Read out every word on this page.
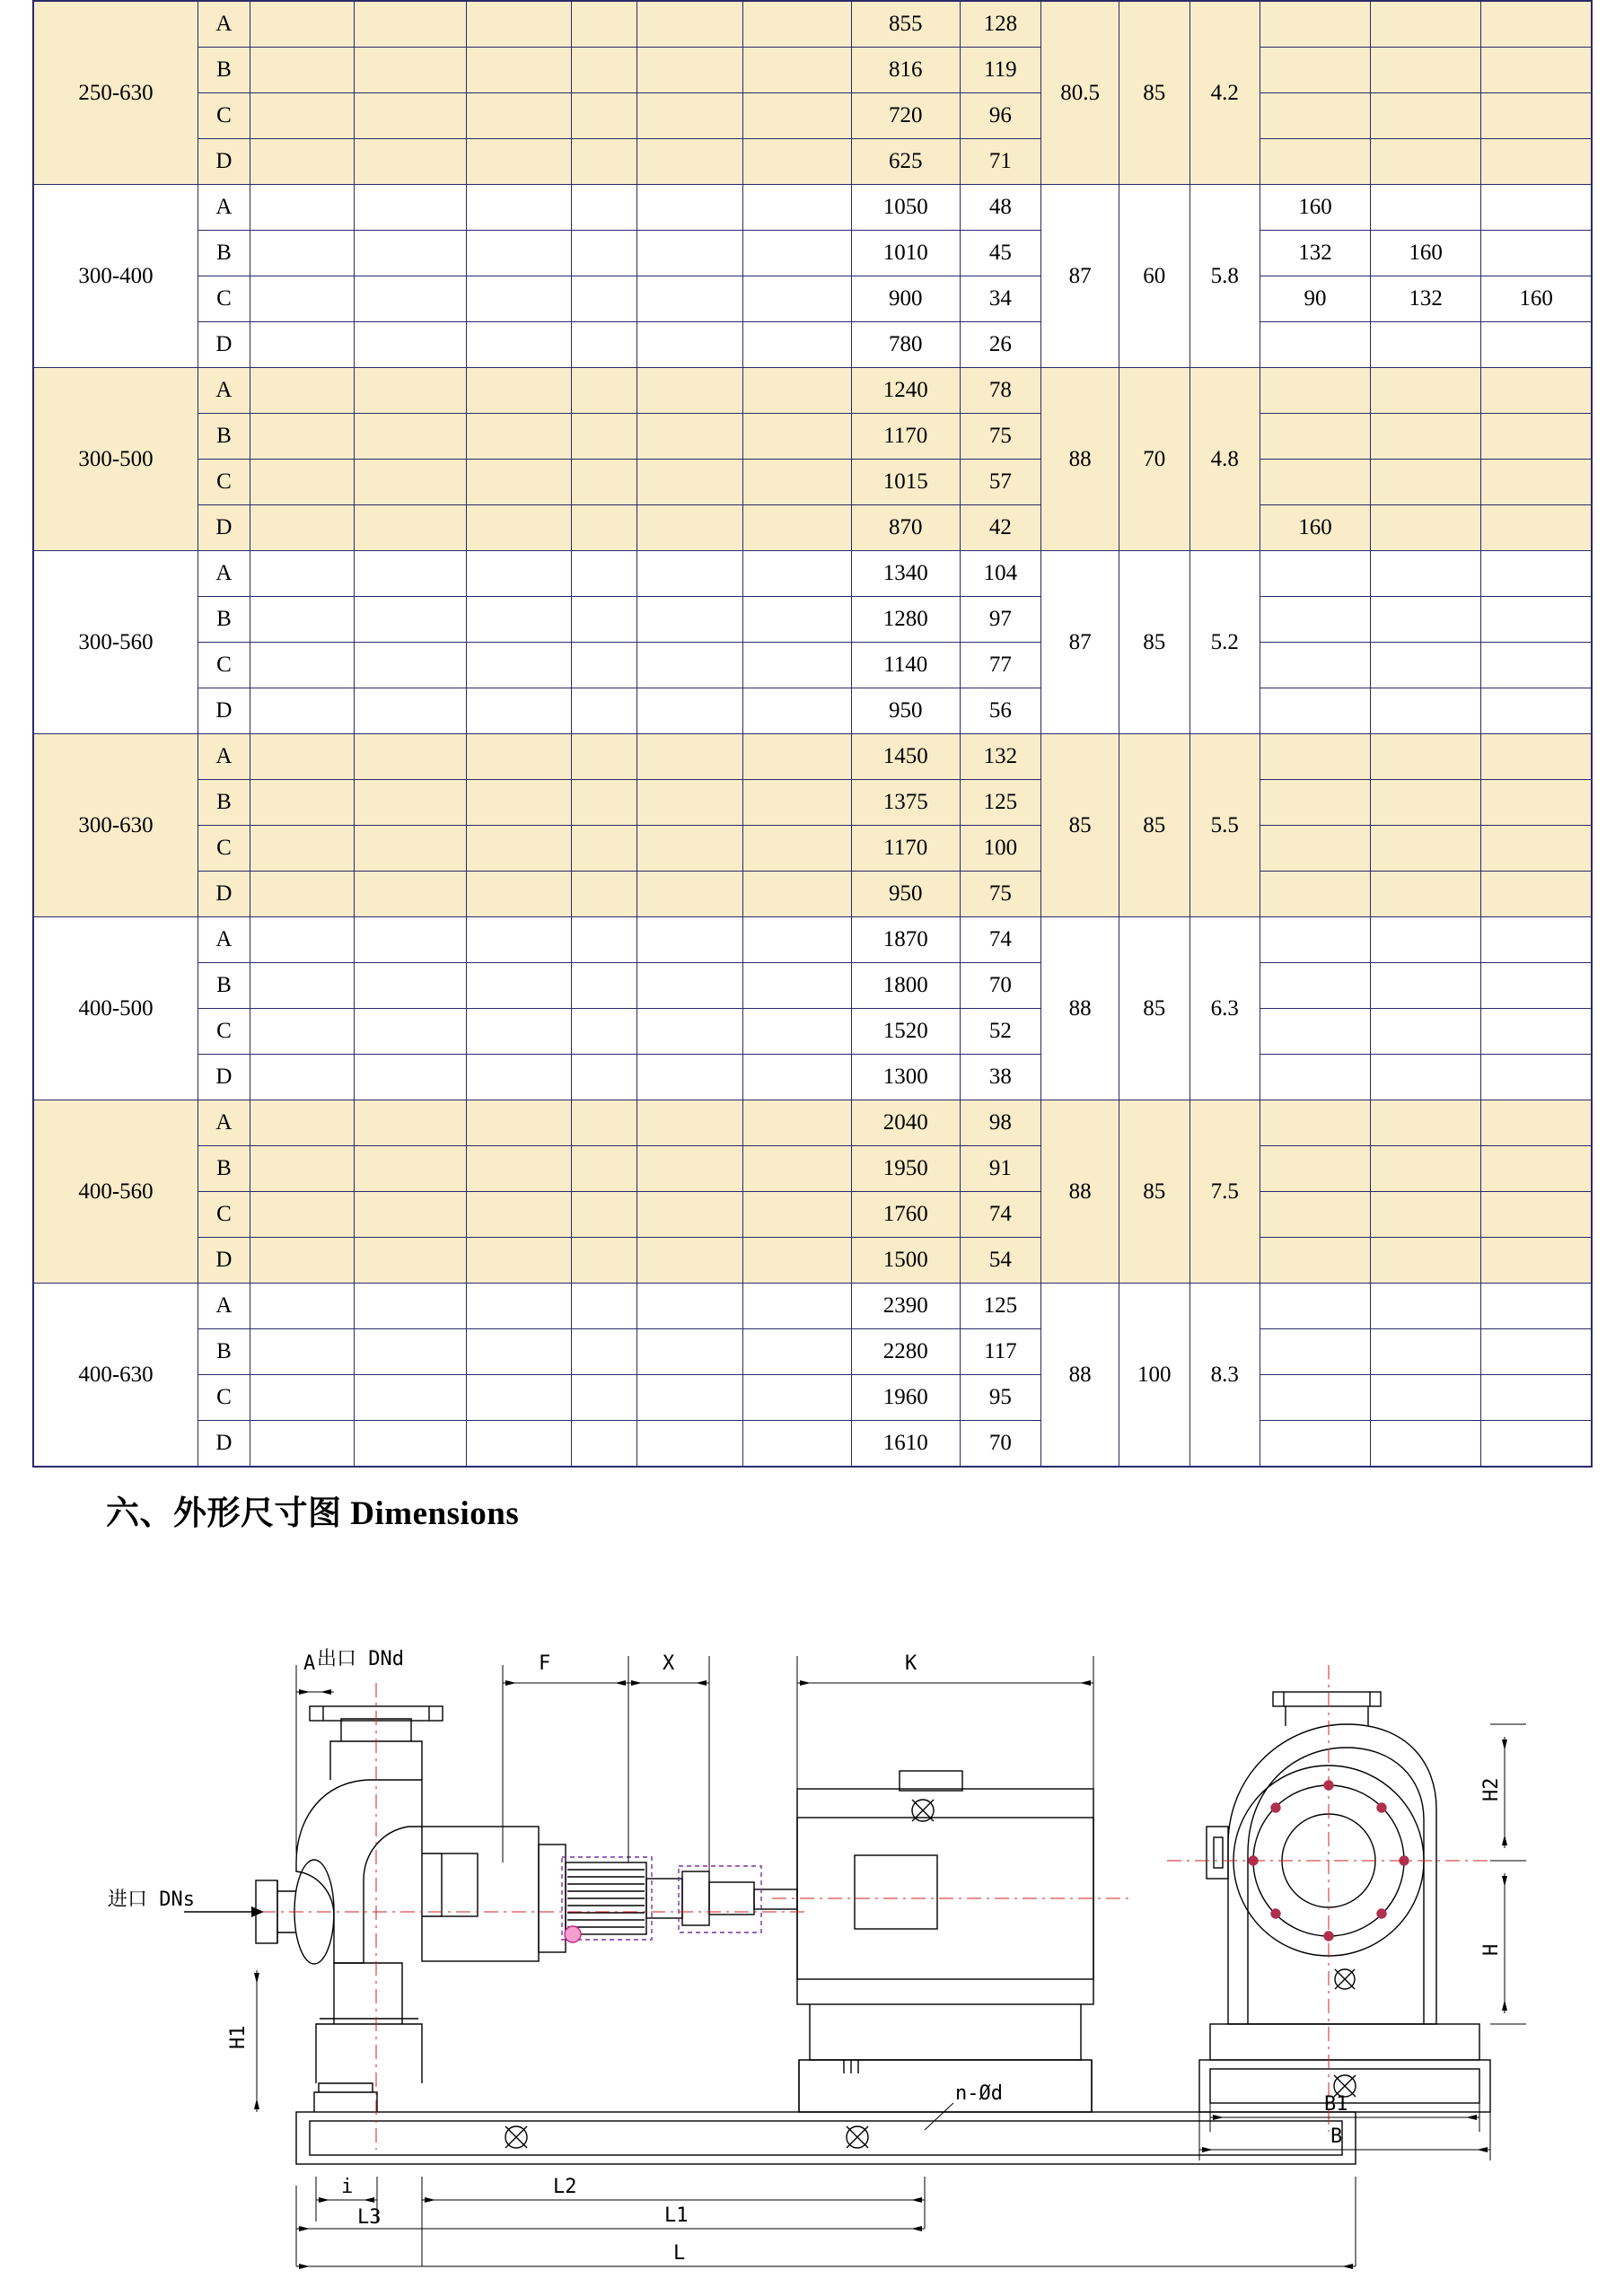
250-630	A							855	128	80.5	85	4.2			
	B							816	119						
	C							720	96						
	D							625	71						
300-400	A							1050	48	87	60	5.8	160		
	B							1010	45				132	160	
	C							900	34				90	132	160
	D							780	26						
300-500	A							1240	78	88	70	4.8			
	B							1170	75						
	C							1015	57						
	D							870	42				160		
300-560	A							1340	104	87	85	5.2			
	B							1280	97						
	C							1140	77						
	D							950	56						
300-630	A							1450	132	85	85	5.5			
	B							1375	125						
	C							1170	100						
	D							950	75						
400-500	A							1870	74	88	85	6.3			
	B							1800	70						
	C							1520	52						
	D							1300	38						
400-560	A							2040	98	88	85	7.5			
	B							1950	91						
	C							1760	74						
	D							1500	54						
400-630	A							2390	125	88	100	8.3			
	B							2280	117						
	C							1960	95						
	D							1610	70						
六、外形尺寸图 Dimensions
出口 DNd
进口 DNs
A	F	X	K
H1
H2
H
i
L3
L2
L1
L
n-Ød	B1
B
